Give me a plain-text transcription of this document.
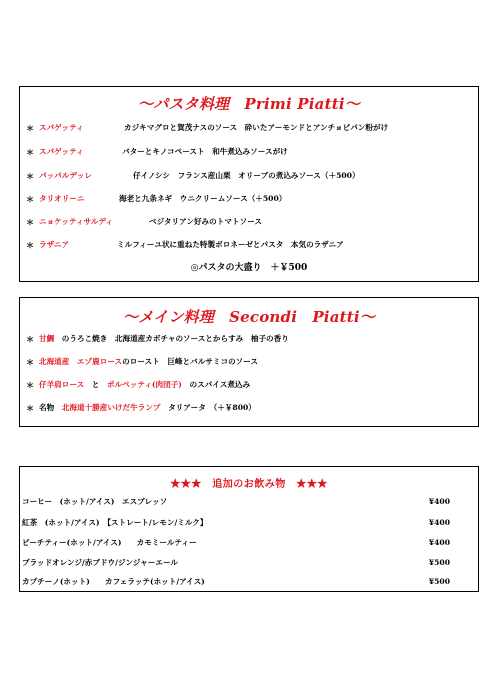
～パスタ料理　Primi Piatti～
＊ スパゲッティ	カジキマグロと賀茂ナスのソース　砕いたアーモンドとアンチョビパン粉がけ
＊ スパゲッティ	バターとキノコペースト　和牛煮込みソースがけ
＊ パッパルデッレ	仔イノシシ　フランス産山栗　オリーブの煮込みソース（＋500）
＊ タリオリーニ	海老と九条ネギ　ウニクリームソース（＋500）
＊ ニョケッティサルディ	ベジタリアン好みのトマトソース
＊ ラザニア	ミルフィーユ状に重ねた特製ボロネーゼとパスタ　本気のラザニア
◎パスタの大盛り　＋￥500
～メイン料理　Secondi　Piatti～
＊ 甘鯛　のうろこ焼き　北海道産カボチャのソースとからすみ　柚子の香り
＊ 北海道産　エゾ鹿ロースのロースト　巨峰とバルサミコのソース
＊ 仔羊肩ロース　と　ポルペッティ(肉団子)　のスパイス煮込み
＊ 名物　北海道十勝産いけだ牛ランプ　タリアータ　（＋￥800）
★★★　追加のお飲み物　★★★
コーヒー　(ホット/アイス)　エスプレッソ	¥400
紅茶　(ホット/アイス)　【ストレート/レモン/ミルク】	¥400
ピーチティー(ホット/アイス)　　カモミールティー	¥400
ブラッドオレンジ/赤ブドウ/ジンジャーエール	¥500
カプチーノ(ホット)　　カフェラッテ(ホット/アイス)	¥500
